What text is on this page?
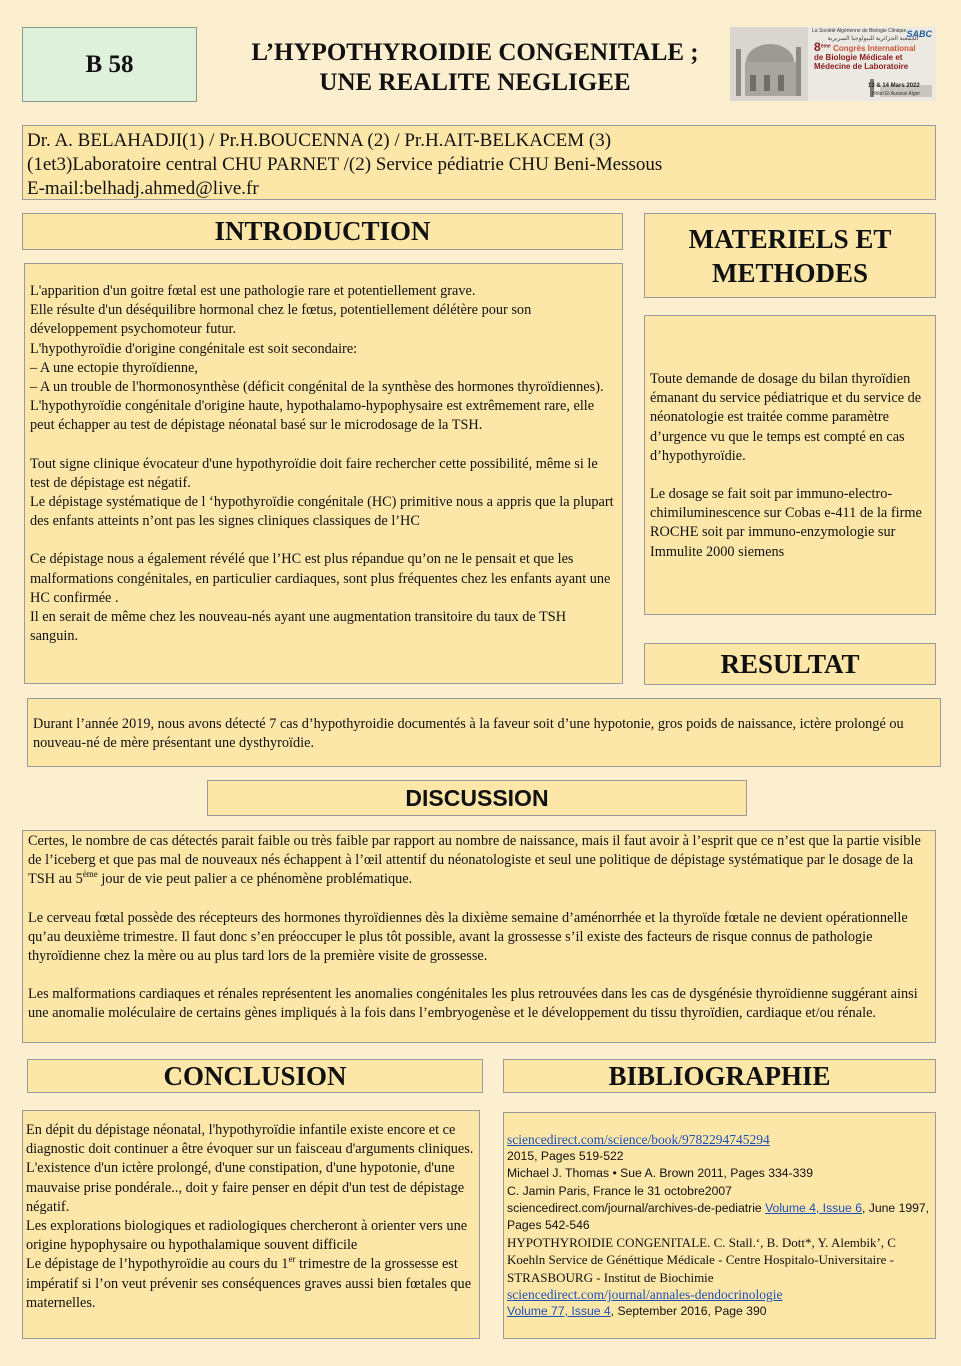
B 58	L’HYPOTHYROIDIE CONGENITALE ;
UNE REALITE NEGLIGEE
La Société Algérienne de Biologie Clinique
الجمعية الجزائرية للبيولوجيا السريرية
SABC
8ème Congrès International
de Biologie Médicale et
Médecine de Laboratoire
13 & 14 Mars 2022
Hôtel El Aurassi Alger
Dr. A. BELAHADJI(1) / Pr.H.BOUCENNA (2) / Pr.H.AIT-BELKACEM (3)
(1et3)Laboratoire central CHU PARNET /(2) Service pédiatrie CHU Beni-Messous
E-mail:belhadj.ahmed@live.fr
INTRODUCTION

L'apparition d'un goitre fœtal est une pathologie rare et potentiellement grave.

Elle résulte d'un déséquilibre hormonal chez le fœtus, potentiellement délétère pour son développement psychomoteur futur.

L'hypothyroïdie d'origine congénitale est soit secondaire:

– A une ectopie thyroïdienne,

– A un trouble de l'hormonosynthèse (déficit congénital de la synthèse des hormones thyroïdiennes).

L'hypothyroïdie congénitale d'origine haute, hypothalamo-hypophysaire est extrêmement rare, elle peut échapper au test de dépistage néonatal basé sur le microdosage de la TSH.

Tout signe clinique évocateur d'une hypothyroïdie doit faire rechercher cette possibilité, même si le test de dépistage est négatif.

Le dépistage systématique de l ‘hypothyroïdie congénitale (HC) primitive nous a appris que la plupart des enfants atteints n’ont pas les signes cliniques classiques de l’HC

Ce dépistage nous a également révélé que l’HC est plus répandue qu’on ne le pensait et que les malformations congénitales, en particulier cardiaques, sont plus fréquentes chez les enfants ayant une HC confirmée .

Il en serait de même chez les nouveau-nés ayant une augmentation transitoire du taux de TSH sanguin.

MATERIELS ET
METHODES

Toute demande de dosage du bilan thyroïdien émanant du service pédiatrique et du service de néonatologie est traitée comme paramètre d’urgence vu que le temps est compté en cas d’hypothyroïdie.

Le dosage se fait soit par immuno-electro-chimiluminescence sur Cobas e-411 de la firme ROCHE soit par immuno-enzymologie sur Immulite 2000 siemens

RESULTAT

Durant l’année 2019, nous avons détecté 7 cas d’hypothyroidie documentés à la faveur soit d’une hypotonie, gros poids de naissance, ictère prolongé ou nouveau-né de mère présentant une dysthyroïdie.

DISCUSSION

Certes, le nombre de cas détectés parait faible ou très faible par rapport au nombre de naissance, mais il faut avoir à l’esprit que ce n’est que la partie visible de l’iceberg et que pas mal de nouveaux nés échappent à l’œil attentif du néonatologiste et seul une politique de dépistage systématique par le dosage de la TSH au 5ème jour de vie peut palier a ce phénomène problématique.

Le cerveau fœtal possède des récepteurs des hormones thyroïdiennes dès la dixième semaine d’aménorrhée et la thyroïde fœtale ne devient opérationnelle qu’au deuxième trimestre. Il faut donc s’en préoccuper le plus tôt possible, avant la grossesse s’il existe des facteurs de risque connus de pathologie thyroïdienne chez la mère ou au plus tard lors de la première visite de grossesse.

Les malformations cardiaques et rénales représentent les anomalies congénitales les plus retrouvées dans les cas de dysgénésie thyroïdienne suggérant ainsi une anomalie moléculaire de certains gènes impliqués à la fois dans l’embryogenèse et le développement du tissu thyroïdien, cardiaque et/ou rénale.

CONCLUSION

En dépit du dépistage néonatal, l'hypothyroïdie infantile existe encore et ce diagnostic doit continuer a être évoquer sur un faisceau d'arguments cliniques.

L'existence d'un ictère prolongé, d'une constipation, d'une hypotonie, d'une mauvaise prise pondérale.., doit y faire penser en dépit d'un test de dépistage négatif.

Les explorations biologiques et radiologiques chercheront à orienter vers une origine hypophysaire ou hypothalamique souvent difficile

Le dépistage de l’hypothyroïdie au cours du 1er trimestre de la grossesse est impératif si l’on veut prévenir ses conséquences graves aussi bien fœtales que maternelles.

BIBLIOGRAPHIE
sciencedirect.com/science/book/9782294745294
2015, Pages 519-522
Michael J. Thomas • Sue A. Brown 2011, Pages 334-339
C. Jamin Paris, France le 31 octobre2007
sciencedirect.com/journal/archives-de-pediatrie Volume 4, Issue 6, June 1997, Pages 542-546
HYPOTHYROIDIE CONGENITALE. C. Stall.‘, B. Dott*, Y. Alembik’, C Koehln Service de Généttique Médicale - Centre Hospitalo-Universitaire - STRASBOURG - Institut de Biochimie
sciencedirect.com/journal/annales-dendocrinologie
Volume 77, Issue 4, September 2016, Page 390
